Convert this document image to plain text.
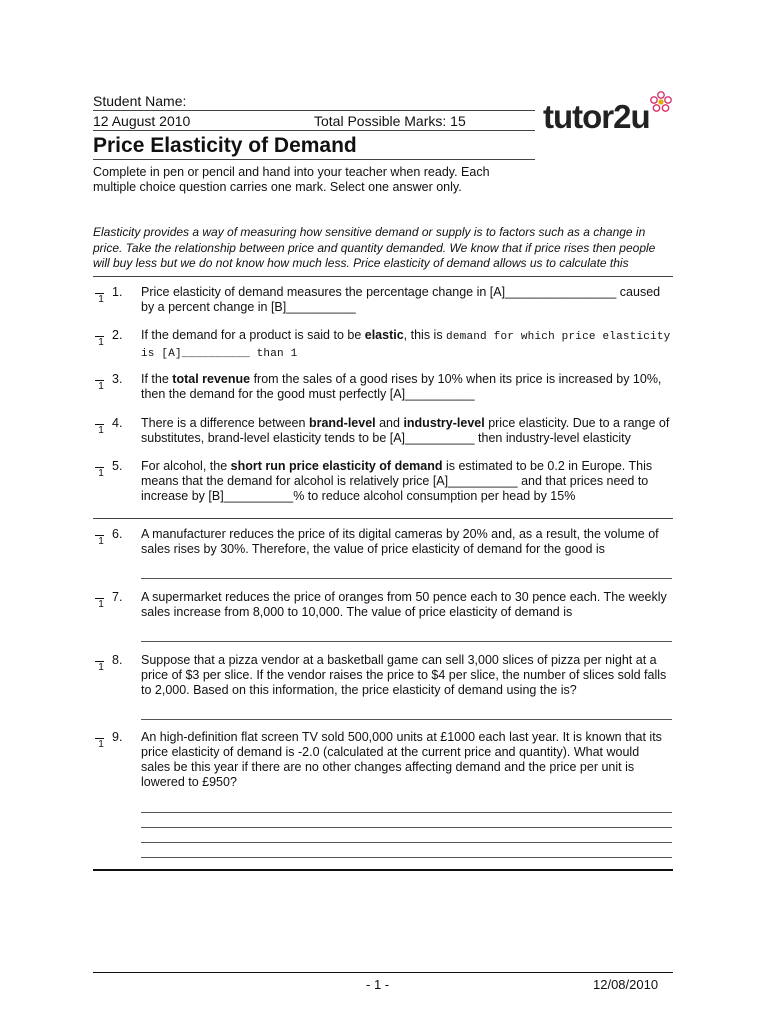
Student Name:
12 August 2010	Total Possible Marks: 15
Price Elasticity of Demand
Complete in pen or pencil and hand into your teacher when ready. Each multiple choice question carries one mark. Select one answer only.
tutor2u
Elasticity provides a way of measuring how sensitive demand or supply is to factors such as a change in price. Take the relationship between price and quantity demanded. We know that if price rises then people will buy less but we do not know how much less. Price elasticity of demand allows us to calculate this
1
1. Price elasticity of demand measures the percentage change in [A]________________ caused by a percent change in [B]__________
1
2. If the demand for a product is said to be elastic, this is demand for which price elasticity is [A]__________ than 1
1
3. If the total revenue from the sales of a good rises by 10% when its price is increased by 10%, then the demand for the good must perfectly [A]__________
1
4. There is a difference between brand-level and industry-level price elasticity. Due to a range of substitutes, brand-level elasticity tends to be [A]__________ then industry-level elasticity
1
5. For alcohol, the short run price elasticity of demand is estimated to be 0.2 in Europe. This means that the demand for alcohol is relatively price [A]__________ and that prices need to increase by [B]__________% to reduce alcohol consumption per head by 15%
1
6. A manufacturer reduces the price of its digital cameras by 20% and, as a result, the volume of sales rises by 30%. Therefore, the value of price elasticity of demand for the good is
1
7. A supermarket reduces the price of oranges from 50 pence each to 30 pence each. The weekly sales increase from 8,000 to 10,000. The value of price elasticity of demand is
1
8. Suppose that a pizza vendor at a basketball game can sell 3,000 slices of pizza per night at a price of $3 per slice. If the vendor raises the price to $4 per slice, the number of slices sold falls to 2,000. Based on this information, the price elasticity of demand using the is?
1
9. An high-definition flat screen TV sold 500,000 units at £1000 each last year. It is known that its price elasticity of demand is -2.0 (calculated at the current price and quantity). What would sales be this year if there are no other changes affecting demand and the price per unit is lowered to £950?
- 1 -	12/08/2010
